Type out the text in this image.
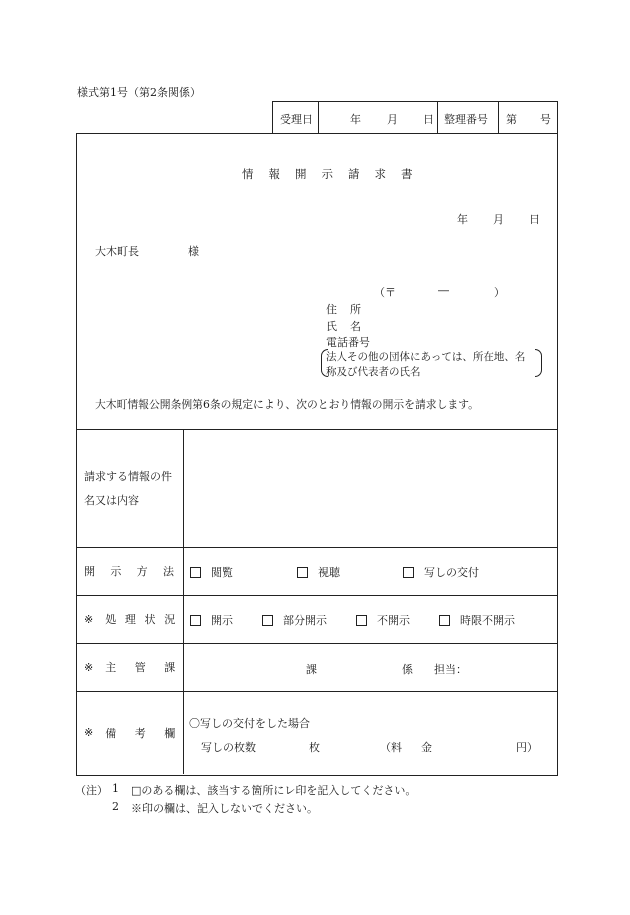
様式第1号（第2条関係）
受理日	年 月 日 整理番号 第 号
情 報 開 示 請 求 書
年 月 日
大木町長	様
（〒	―	）
住 所
氏 名
電話番号
法人その他の団体にあっては、所在地、名
称及び代表者の氏名
大木町情報公開条例第6条の規定により、次のとおり情報の開示を請求します。
請求する情報の件
名又は内容
開 示 方 法	閲覧	視聴	写しの交付
※ 処 理 状 況	開示	部分開示	不開示	時限不開示
※ 主 管 課	課	係 担当：
※ 備 考 欄
〇写しの交付をした場合
写しの枚数	枚	（料 金	円）
（注） 1 □のある欄は、該当する箇所にレ印を記入してください。
2 ※印の欄は、記入しないでください。
